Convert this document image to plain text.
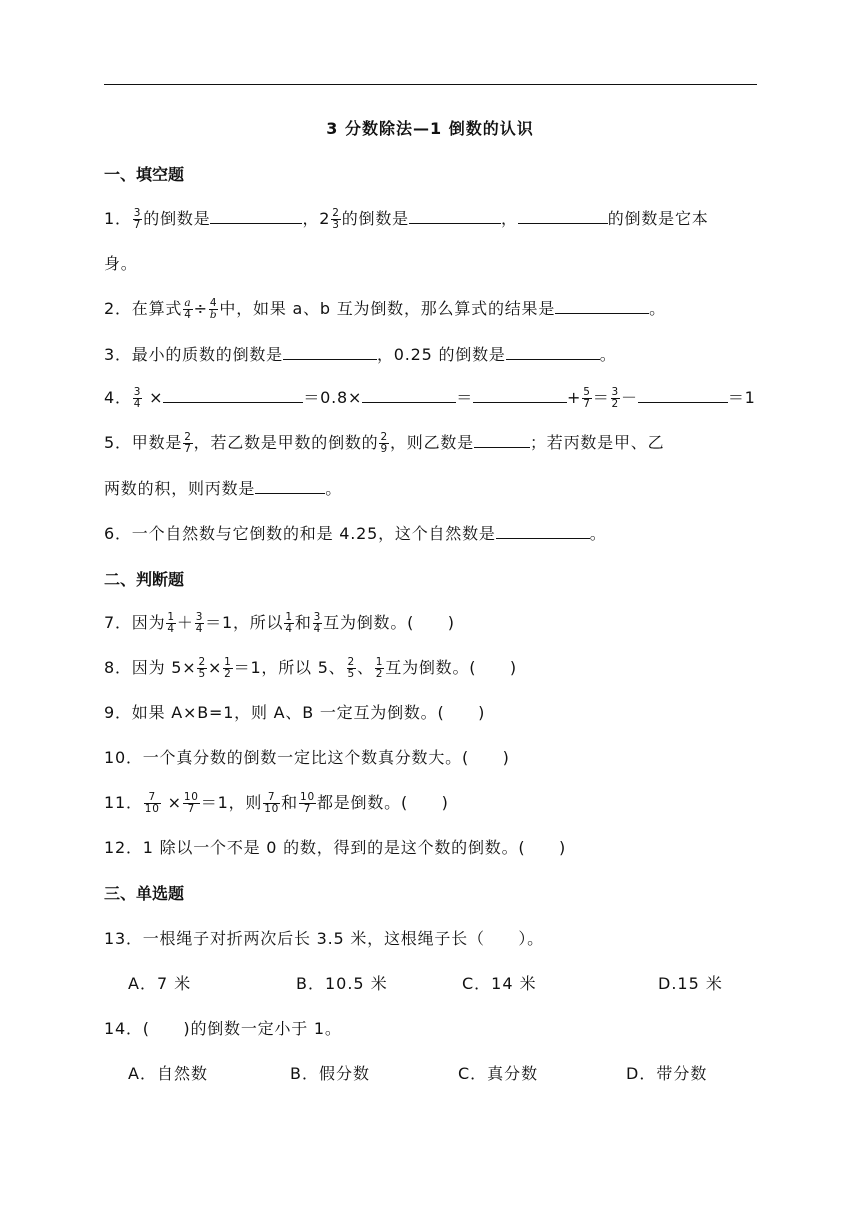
3 分数除法—1 倒数的认识
一、填空题
1． $\frac{3}{7}$ 的倒数是	，$2 \frac{2}{3}$ 的倒数是	，	的倒数是它本
身。
2．在算式 $\frac{a}{4} \div \frac{4}{b}$ 中，如果 a、b 互为倒数，那么算式的结果是	。
3．最小的质数的倒数是	，0.25 的倒数是	。
4． $\frac{3}{4}$ ×	＝0.8×	＝	+ $\frac{5}{7} = \frac{3}{2}$ －	＝1
5．甲数是 $\frac{2}{7}$ ，若乙数是甲数的倒数的 $\frac{2}{9}$ ，则乙数是	；若丙数是甲、乙
两数的积，则丙数是	。
6．一个自然数与它倒数的和是 4.25，这个自然数是	。
二、判断题
7．因为 $\frac{1}{4} + \frac{3}{4} =1$，所以 $\frac{1}{4}$ 和 $\frac{3}{4}$ 互为倒数。(　　)
8．因为 $5\times \frac{2}{5} \times \frac{1}{2} =1$，所以 5、 $\frac{2}{5}$ 、 $\frac{1}{2}$ 互为倒数。(　　)
9．如果 A×B=1，则 A、B 一定互为倒数。(　　)
10．一个真分数的倒数一定比这个数真分数大。(　　)
11． $\frac{7}{10} \times \frac{10}{7} =1$，则 $\frac{7}{10}$ 和 $\frac{10}{7}$ 都是倒数。(　　)
12．1 除以一个不是 0 的数，得到的是这个数的倒数。(　　)
三、单选题
13．一根绳子对折两次后长 3.5 米，这根绳子长（　　）。
A．7 米	B．10.5 米	C．14 米	D.15 米
14．(　　)的倒数一定小于 1。
A．自然数	B．假分数	C．真分数	D．带分数
